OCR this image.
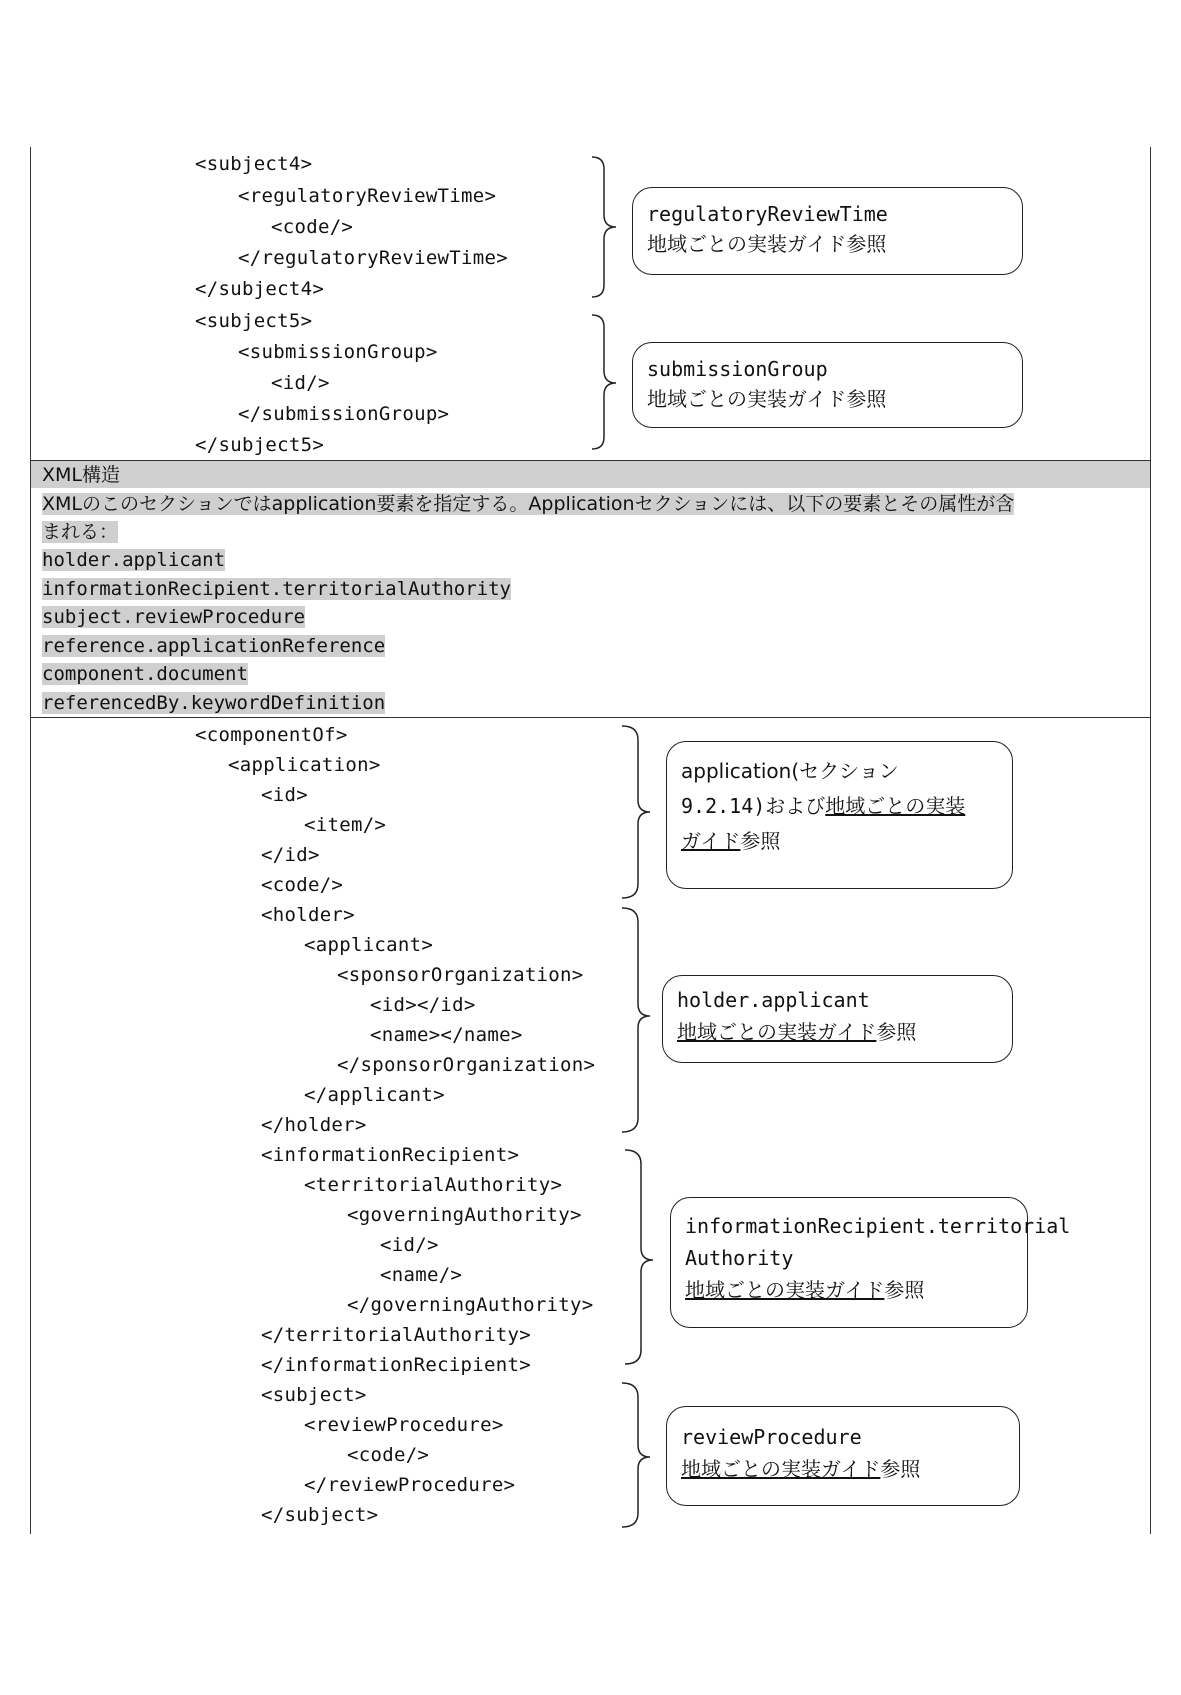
<subject4>
<regulatoryReviewTime>
<code/>
</regulatoryReviewTime>
</subject4>
<subject5>
<submissionGroup>
<id/>
</submissionGroup>
</subject5>
regulatoryReviewTime
地域ごとの実装ガイド参照
submissionGroup
地域ごとの実装ガイド参照
XML構造
XMLのこのセクションではapplication要素を指定する。Applicationセクションには、以下の要素とその属性が含
まれる：
holder.applicant
informationRecipient.territorialAuthority
subject.reviewProcedure
reference.applicationReference
component.document
referencedBy.keywordDefinition
<componentOf>
<application>
<id>
<item/>
</id>
<code/>
<holder>
<applicant>
<sponsorOrganization>
<id></id>
<name></name>
</sponsorOrganization>
</applicant>
</holder>
<informationRecipient>
<territorialAuthority>
<governingAuthority>
<id/>
<name/>
</governingAuthority>
</territorialAuthority>
</informationRecipient>
<subject>
<reviewProcedure>
<code/>
</reviewProcedure>
</subject>
application(セクション
9.2.14)および地域ごとの実装
ガイド参照
holder.applicant
地域ごとの実装ガイド参照
informationRecipient.territorial
Authority
地域ごとの実装ガイド参照
reviewProcedure
地域ごとの実装ガイド参照
